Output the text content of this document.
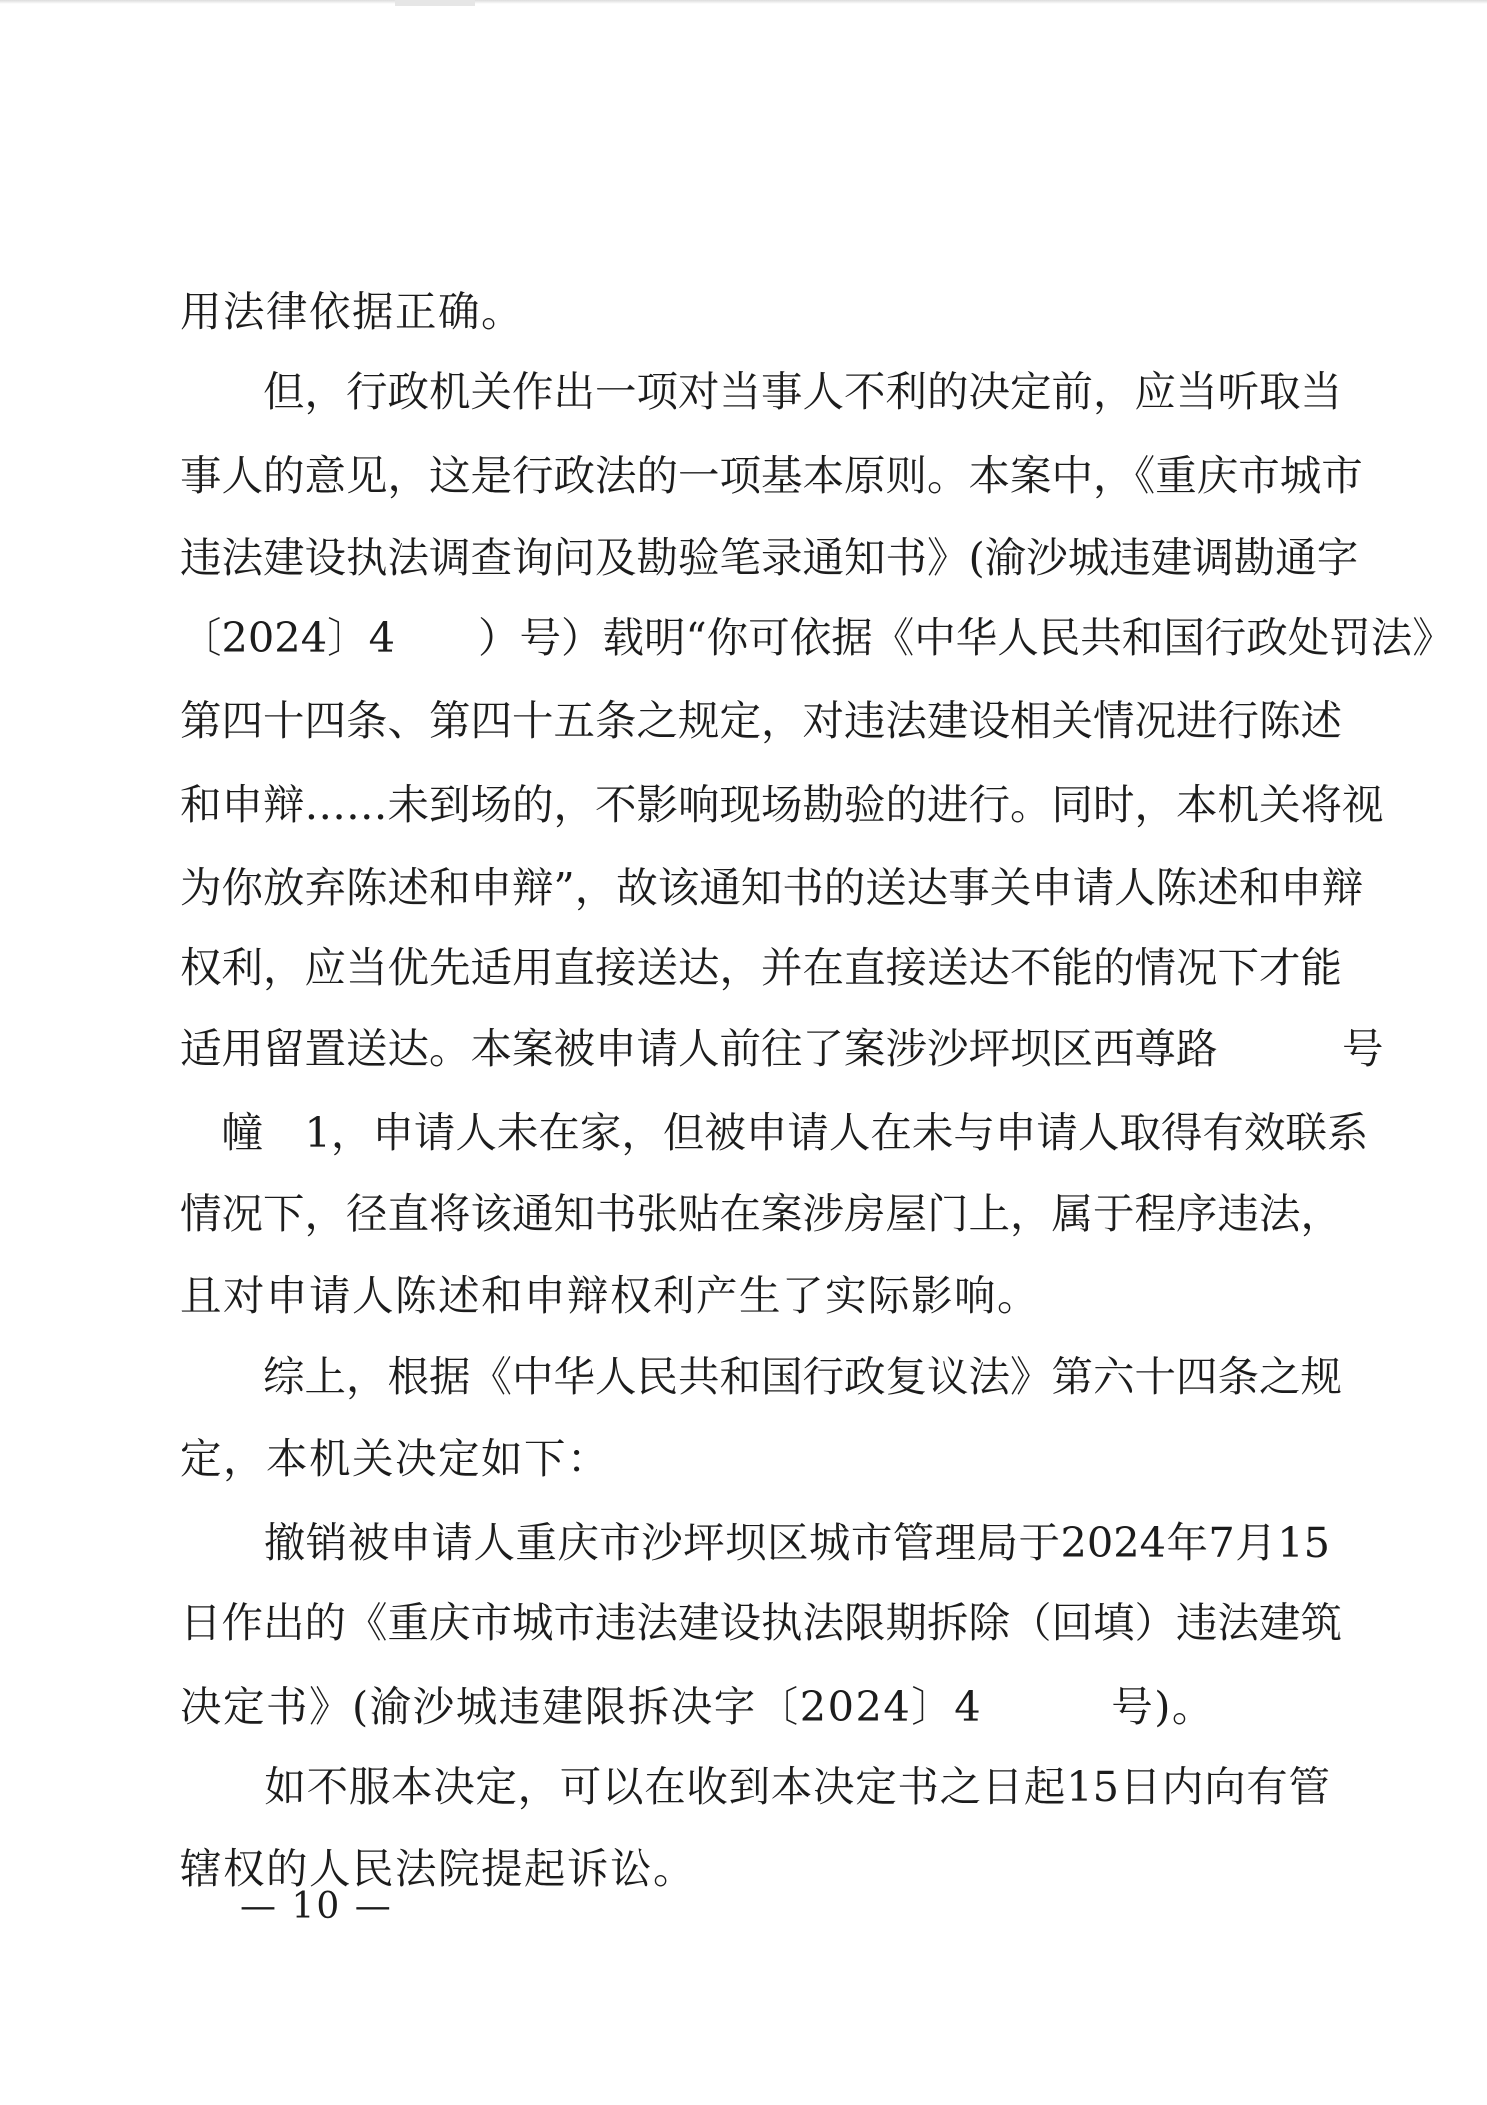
用法律依据正确。
　　但，行政机关作出一项对当事人不利的决定前，应当听取当
事人的意见，这是行政法的一项基本原则。本案中，《重庆市城市
违法建设执法调查询问及勘验笔录通知书》(渝沙城违建调勘通字
〔2024〕4　　）号）载明“你可依据《中华人民共和国行政处罚法》
第四十四条、第四十五条之规定，对违法建设相关情况进行陈述
和申辩……未到场的，不影响现场勘验的进行。同时，本机关将视
为你放弃陈述和申辩”，故该通知书的送达事关申请人陈述和申辩
权利，应当优先适用直接送达，并在直接送达不能的情况下才能
适用留置送达。本案被申请人前往了案涉沙坪坝区西尊路　　　号
　幢　1，申请人未在家，但被申请人在未与申请人取得有效联系
情况下，径直将该通知书张贴在案涉房屋门上，属于程序违法，
且对申请人陈述和申辩权利产生了实际影响。
　　综上，根据《中华人民共和国行政复议法》第六十四条之规
定，本机关决定如下：
　　撤销被申请人重庆市沙坪坝区城市管理局于2024年7月15
日作出的《重庆市城市违法建设执法限期拆除（回填）违法建筑
决定书》(渝沙城违建限拆决字〔2024〕4　　　号)。
　　如不服本决定，可以在收到本决定书之日起15日内向有管
辖权的人民法院提起诉讼。
— 10 —
